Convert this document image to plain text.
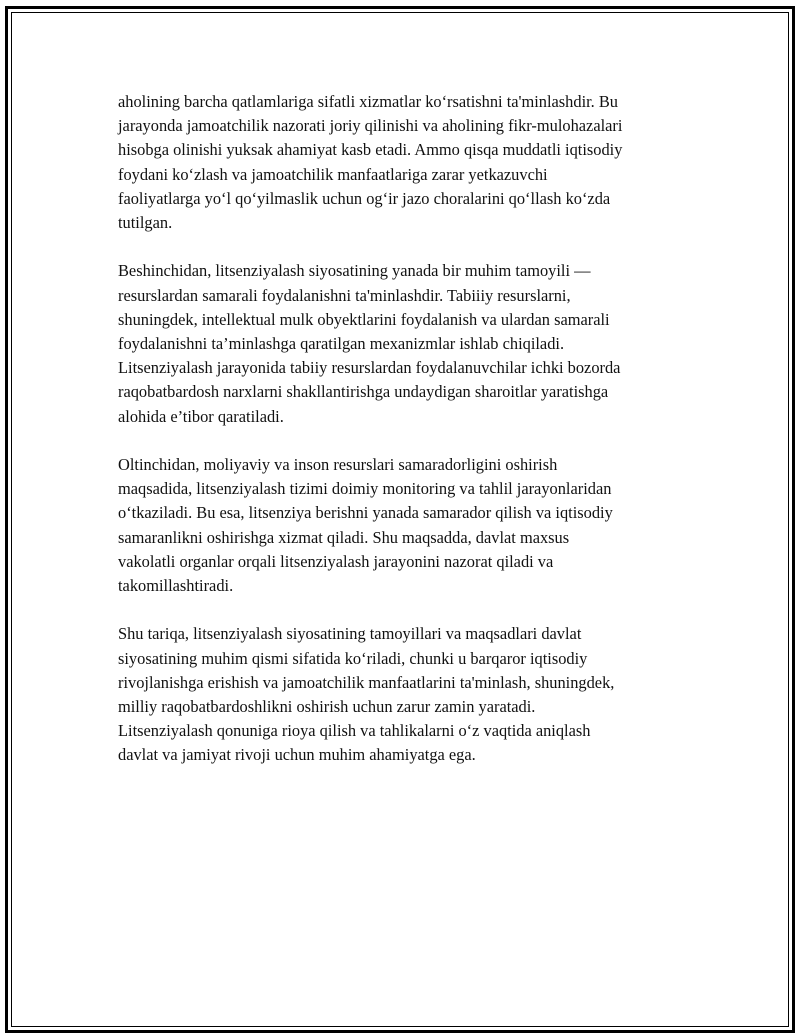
aholining barcha qatlamlariga sifatli xizmatlar ko‘rsatishni ta'minlashdir. Bu
jarayonda jamoatchilik nazorati joriy qilinishi va aholining fikr-mulohazalari
hisobga olinishi yuksak ahamiyat kasb etadi. Ammo qisqa muddatli iqtisodiy
foydani ko‘zlash va jamoatchilik manfaatlariga zarar yetkazuvchi
faoliyatlarga yo‘l qo‘yilmaslik uchun og‘ir jazo choralarini qo‘llash ko‘zda
tutilgan.

Beshinchidan, litsenziyalash siyosatining yanada bir muhim tamoyili —
resurslardan samarali foydalanishni ta'minlashdir. Tabiiiy resurslarni,
shuningdek, intellektual mulk obyektlarini foydalanish va ulardan samarali
foydalanishni ta’minlashga qaratilgan mexanizmlar ishlab chiqiladi.
Litsenziyalash jarayonida tabiiy resurslardan foydalanuvchilar ichki bozorda
raqobatbardosh narxlarni shakllantirishga undaydigan sharoitlar yaratishga
alohida e’tibor qaratiladi.

Oltinchidan, moliyaviy va inson resurslari samaradorligini oshirish
maqsadida, litsenziyalash tizimi doimiy monitoring va tahlil jarayonlaridan
o‘tkaziladi. Bu esa, litsenziya berishni yanada samarador qilish va iqtisodiy
samaranlikni oshirishga xizmat qiladi. Shu maqsadda, davlat maxsus
vakolatli organlar orqali litsenziyalash jarayonini nazorat qiladi va
takomillashtiradi.

Shu tariqa, litsenziyalash siyosatining tamoyillari va maqsadlari davlat
siyosatining muhim qismi sifatida ko‘riladi, chunki u barqaror iqtisodiy
rivojlanishga erishish va jamoatchilik manfaatlarini ta'minlash, shuningdek,
milliy raqobatbardoshlikni oshirish uchun zarur zamin yaratadi.
Litsenziyalash qonuniga rioya qilish va tahlikalarni o‘z vaqtida aniqlash
davlat va jamiyat rivoji uchun muhim ahamiyatga ega.
